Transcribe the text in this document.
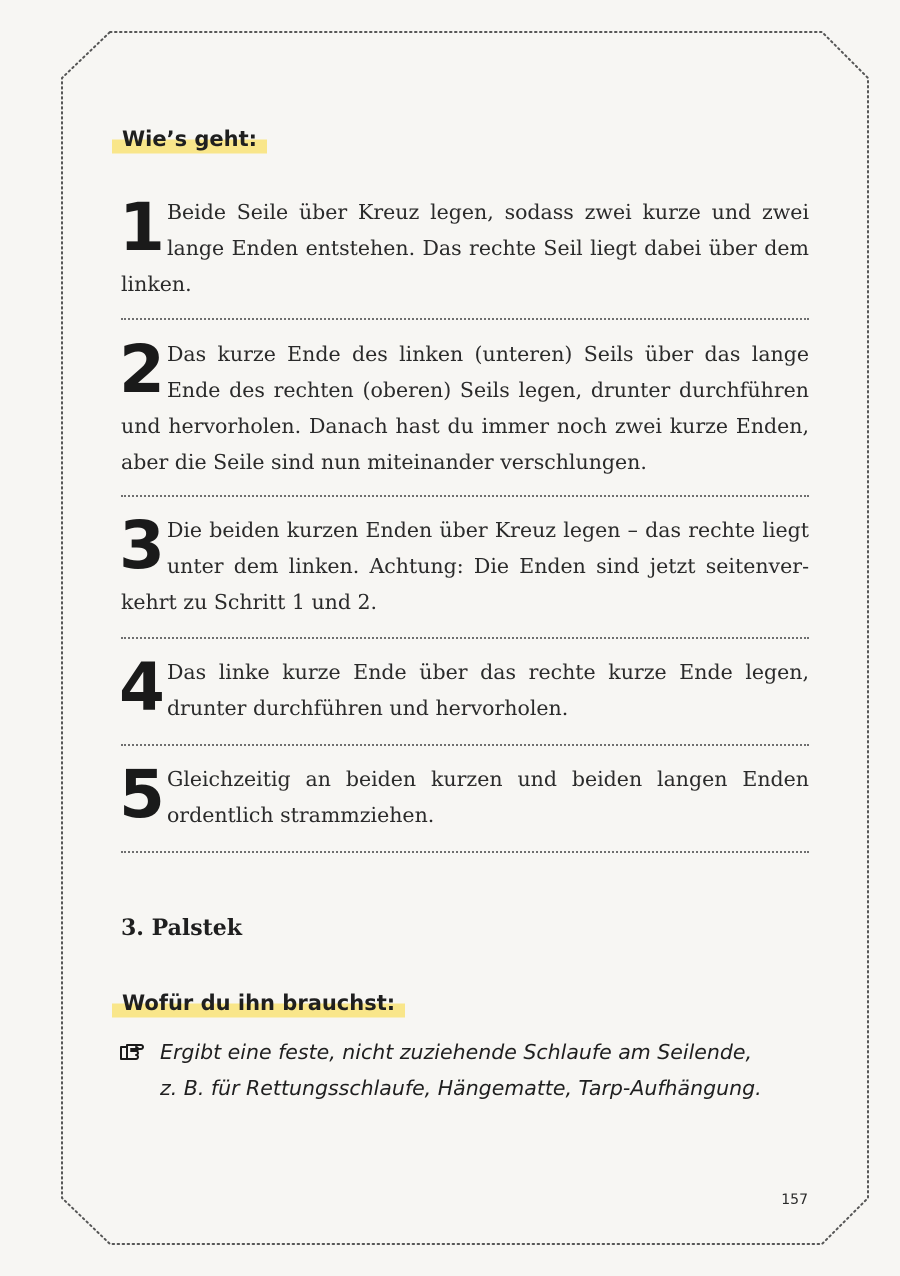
Wie’s geht:
1 Beide Seile über Kreuz legen, sodass zwei kurze und zwei lange Enden entstehen. Das rechte Seil liegt dabei über dem linken.

2 Das kurze Ende des linken (unteren) Seils über das lange Ende des rechten (oberen) Seils legen, drunter durchführen und hervorholen. Danach hast du immer noch zwei kurze Enden, aber die Seile sind nun miteinander verschlungen.

3 Die beiden kurzen Enden über Kreuz legen – das rechte liegt unter dem linken. Achtung: Die Enden sind jetzt seitenverkehrt zu Schritt 1 und 2.

4 Das linke kurze Ende über das rechte kurze Ende legen, drunter durchführen und hervorholen.

5 Gleichzeitig an beiden kurzen und beiden langen Enden ordentlich strammziehen.

3. Palstek
Wofür du ihn brauchst:

Ergibt eine feste, nicht zuziehende Schlaufe am Seilende,
z. B. für Rettungsschlaufe, Hängematte, Tarp-Aufhängung.

157
